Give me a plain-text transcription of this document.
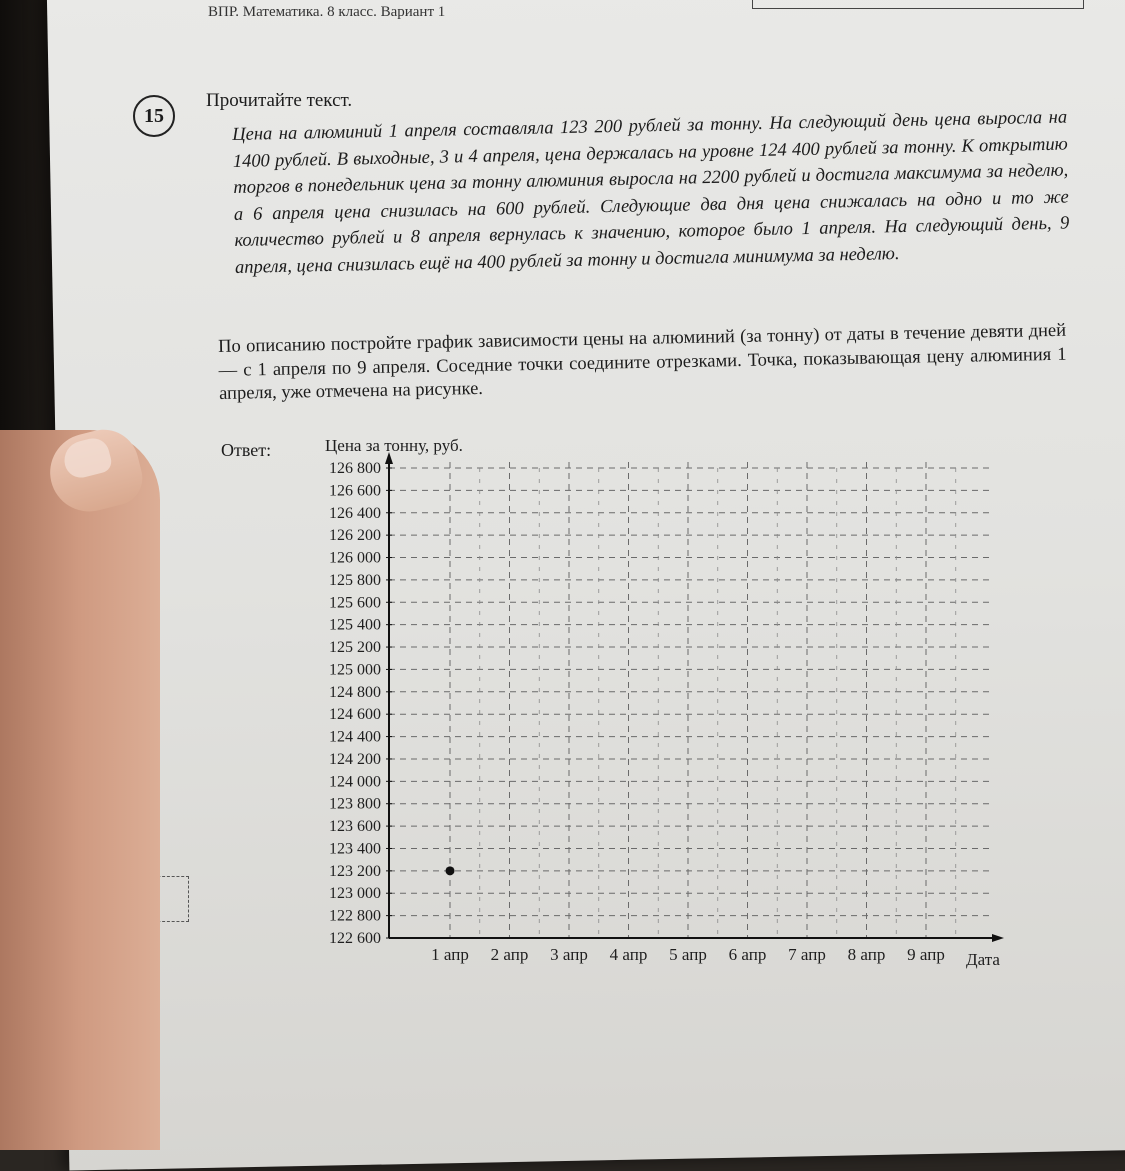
ВПР. Математика. 8 класс. Вариант 1
15
Прочитайте текст.
Цена на алюминий 1 апреля составляла 123 200 рублей за тонну. На следующий день цена выросла на 1400 рублей. В выходные, 3 и 4 апреля, цена держалась на уровне 124 400 рублей за тонну. К открытию торгов в понедельник цена за тонну алюминия выросла на 2200 рублей и достигла максимума за неделю, а 6 апреля цена снизилась на 600 рублей. Следующие два дня цена снижалась на одно и то же количество рублей и 8 апреля вернулась к значению, которое было 1 апреля. На следующий день, 9 апреля, цена снизилась ещё на 400 рублей за тонну и достигла минимума за неделю.
По описанию постройте график зависимости цены на алюминий (за тонну) от даты в течение девяти дней — с 1 апреля по 9 апреля. Соседние точки соедините отрезками. Точка, показывающая цену алюминия 1 апреля, уже отмечена на рисунке.
Ответ:
122 600
122 800
123 000
123 200
123 400
123 600
123 800
124 000
124 200
124 400
124 600
124 800
125 000
125 200
125 400
125 600
125 800
126 000
126 200
126 400
126 600
126 800
1 апр 2 апр 3 апр 4 апр 5 апр 6 апр 7 апр 8 апр 9 апр
Цена за тонну, руб.
Дата
